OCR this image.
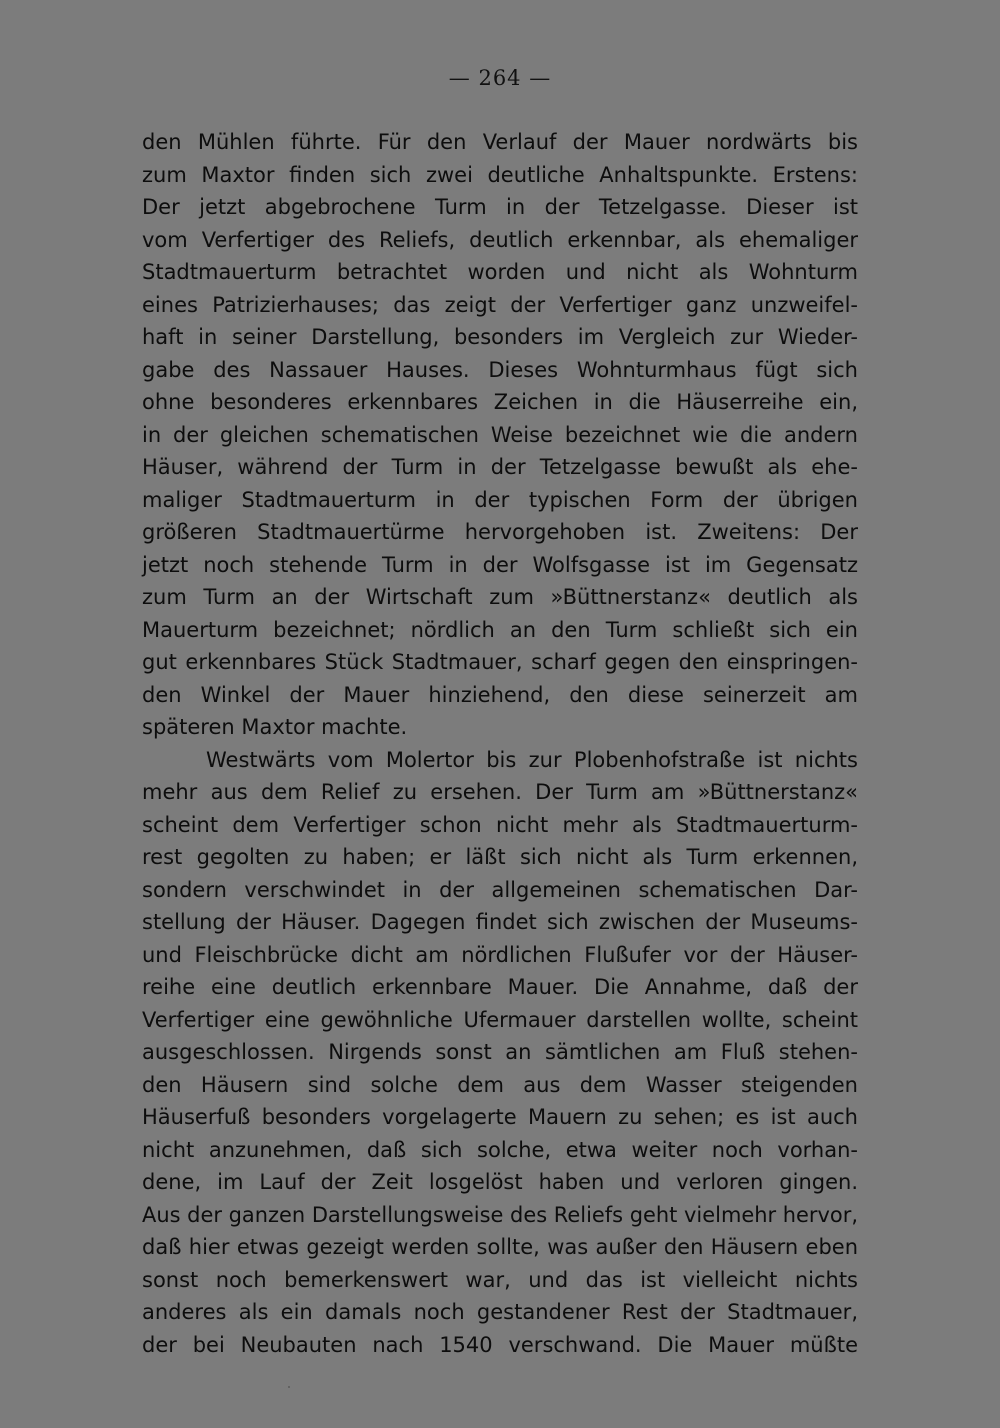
— 264 —
den Mühlen führte. Für den Verlauf der Mauer nordwärts bis
zum Maxtor finden sich zwei deutliche Anhaltspunkte. Erstens:
Der jetzt abgebrochene Turm in der Tetzelgasse. Dieser ist
vom Verfertiger des Reliefs, deutlich erkennbar, als ehemaliger
Stadtmauerturm betrachtet worden und nicht als Wohnturm
eines Patrizierhauses; das zeigt der Verfertiger ganz unzweifel-
haft in seiner Darstellung, besonders im Vergleich zur Wieder-
gabe des Nassauer Hauses. Dieses Wohnturmhaus fügt sich
ohne besonderes erkennbares Zeichen in die Häuserreihe ein,
in der gleichen schematischen Weise bezeichnet wie die andern
Häuser, während der Turm in der Tetzelgasse bewußt als ehe-
maliger Stadtmauerturm in der typischen Form der übrigen
größeren Stadtmauertürme hervorgehoben ist. Zweitens: Der
jetzt noch stehende Turm in der Wolfsgasse ist im Gegensatz
zum Turm an der Wirtschaft zum »Büttnerstanz« deutlich als
Mauerturm bezeichnet; nördlich an den Turm schließt sich ein
gut erkennbares Stück Stadtmauer, scharf gegen den einspringen-
den Winkel der Mauer hinziehend, den diese seinerzeit am
späteren Maxtor machte.
Westwärts vom Molertor bis zur Plobenhofstraße ist nichts
mehr aus dem Relief zu ersehen. Der Turm am »Büttnerstanz«
scheint dem Verfertiger schon nicht mehr als Stadtmauerturm-
rest gegolten zu haben; er läßt sich nicht als Turm erkennen,
sondern verschwindet in der allgemeinen schematischen Dar-
stellung der Häuser. Dagegen findet sich zwischen der Museums-
und Fleischbrücke dicht am nördlichen Flußufer vor der Häuser-
reihe eine deutlich erkennbare Mauer. Die Annahme, daß der
Verfertiger eine gewöhnliche Ufermauer darstellen wollte, scheint
ausgeschlossen. Nirgends sonst an sämtlichen am Fluß stehen-
den Häusern sind solche dem aus dem Wasser steigenden
Häuserfuß besonders vorgelagerte Mauern zu sehen; es ist auch
nicht anzunehmen, daß sich solche, etwa weiter noch vorhan-
dene, im Lauf der Zeit losgelöst haben und verloren gingen.
Aus der ganzen Darstellungsweise des Reliefs geht vielmehr hervor,
daß hier etwas gezeigt werden sollte, was außer den Häusern eben
sonst noch bemerkenswert war, und das ist vielleicht nichts
anderes als ein damals noch gestandener Rest der Stadtmauer,
der bei Neubauten nach 1540 verschwand. Die Mauer müßte
